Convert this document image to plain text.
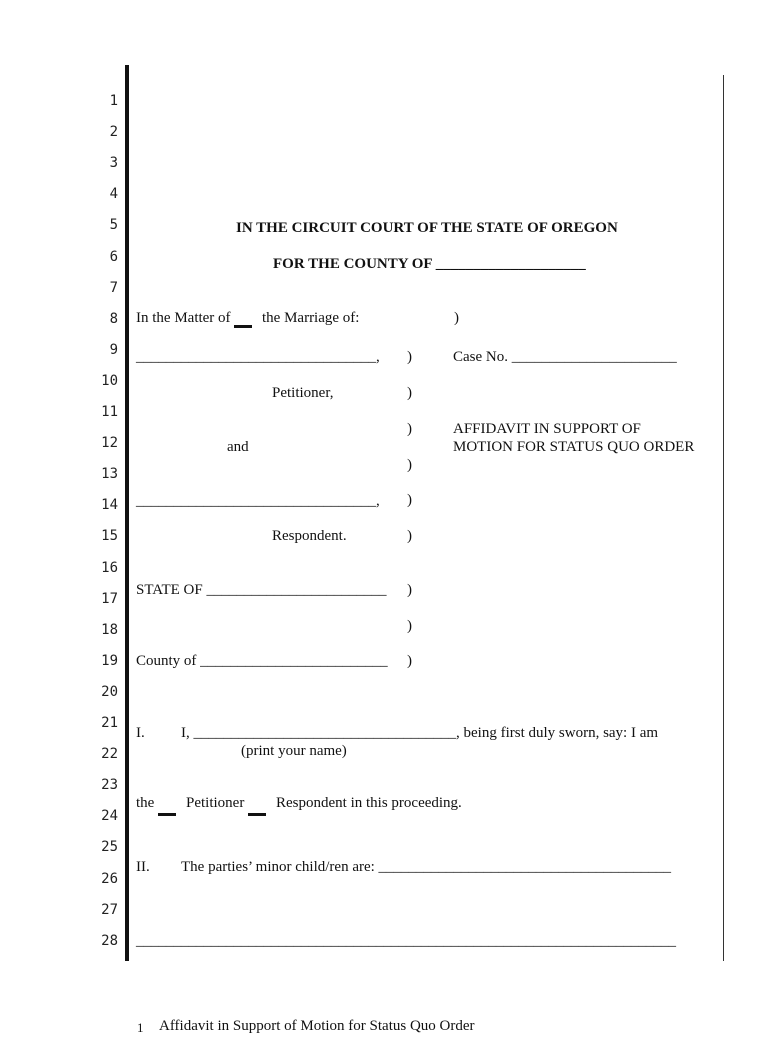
1
2
3
4
5
6
7
8
9
10
11
12
13
14
15
16
17
18
19
20
21
22
23
24
25
26
27
28
IN THE CIRCUIT COURT OF THE STATE OF OREGON
FOR THE COUNTY OF ____________________
In the Matter of the Marriage of:	)
________________________________, )	Case No. ______________________
Petitioner,	)
)	AFFIDAVIT IN SUPPORT OF
MOTION FOR STATUS QUO ORDER
and
)
________________________________, )
Respondent.	)
STATE OF ________________________ )
)
County of _________________________ )
I. I, ___________________________________, being first duly sworn, say: I am
(print your name)
the Petitioner Respondent in this proceeding.
II. The parties’ minor child/ren are: _______________________________________
________________________________________________________________________
1 Affidavit in Support of Motion for Status Quo Order
